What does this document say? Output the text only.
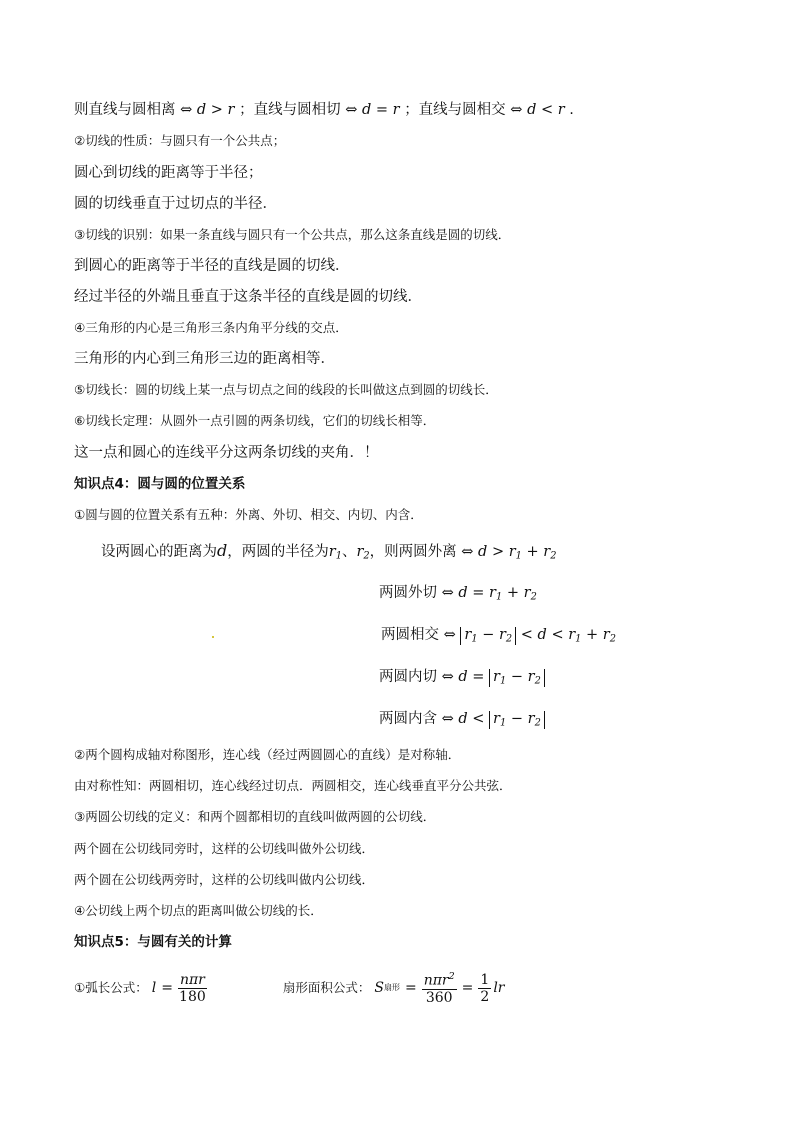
则直线与圆相离 ⇔ d > r ；直线与圆相切 ⇔ d = r ；直线与圆相交 ⇔ d < r .
②切线的性质：与圆只有一个公共点；
圆心到切线的距离等于半径；
圆的切线垂直于过切点的半径．
③切线的识别：如果一条直线与圆只有一个公共点，那么这条直线是圆的切线．
到圆心的距离等于半径的直线是圆的切线．
经过半径的外端且垂直于这条半径的直线是圆的切线．
④三角形的内心是三角形三条内角平分线的交点．
三角形的内心到三角形三边的距离相等．
⑤切线长：圆的切线上某一点与切点之间的线段的长叫做这点到圆的切线长．
⑥切线长定理：从圆外一点引圆的两条切线，它们的切线长相等．
这一点和圆心的连线平分这两条切线的夹角．！
知识点4：圆与圆的位置关系
①圆与圆的位置关系有五种：外离、外切、相交、内切、内含．
设两圆心的距离为d，两圆的半径为$r_1$、$r_2$，则两圆外离 ⇔ $d > r_1 + r_2$
两圆外切 ⇔ $d = r_1 + r_2$
两圆相交 ⇔ $r_1 - r_2 < d < r_1 + r_2$
两圆内切 ⇔ $d = r_1 - r_2$
两圆内含 ⇔ $d < r_1 - r_2$
②两个圆构成轴对称图形，连心线（经过两圆圆心的直线）是对称轴．
由对称性知：两圆相切，连心线经过切点．两圆相交，连心线垂直平分公共弦．
③两圆公切线的定义：和两个圆都相切的直线叫做两圆的公切线．
两个圆在公切线同旁时，这样的公切线叫做外公切线．
两个圆在公切线两旁时，这样的公切线叫做内公切线．
④公切线上两个切点的距离叫做公切线的长．
知识点5：与圆有关的计算
①弧长公式： $l = \frac{\text{nπr}}{180}$
	扇形面积公式： S 扇形 = $\frac{n\pi r^2}{360} = \frac{1}{2}$ lr
